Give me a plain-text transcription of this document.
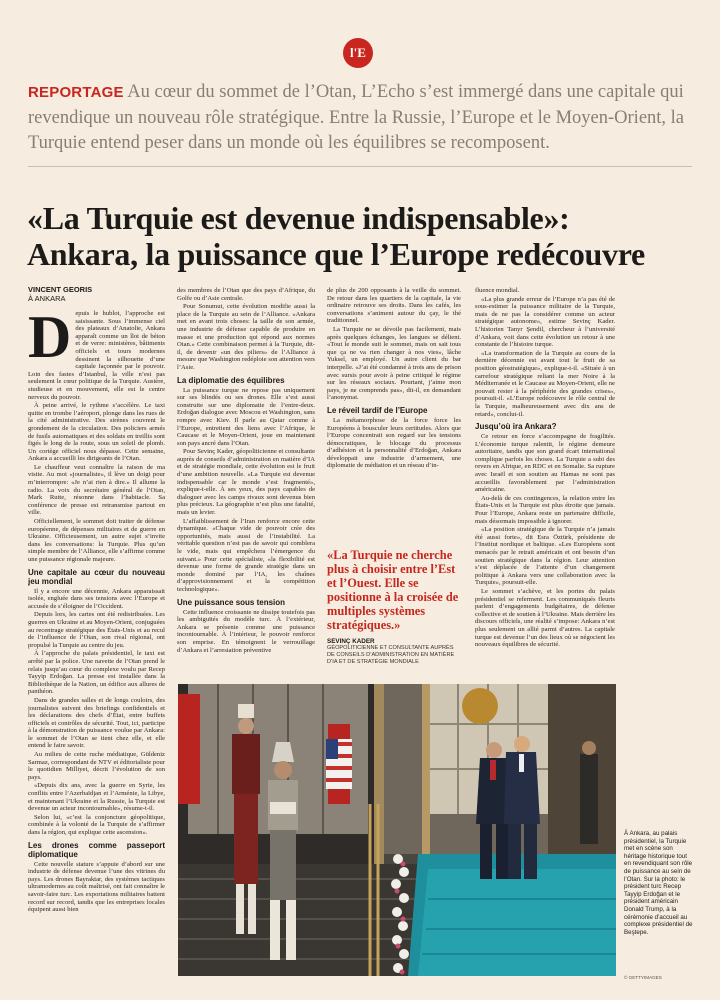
l'E
REPORTAGE Au cœur du sommet de l’Otan, L’Echo s’est immergé dans une capitale qui revendique un nouveau rôle stratégique. Entre la Russie, l’Europe et le Moyen-Orient, la Turquie entend peser dans un monde où les équilibres se recomposent.
«La Turquie est devenue indispensable»:
Ankara, la puissance que l’Europe redécouvre
VINCENT GEORIS
À ANKARA
D epuis le hublot, l’approche est saisissante. Sous l’immense ciel des plateaux d’Anatolie, Ankara apparaît comme un îlot de béton et de verre: ministères, bâtiments officiels et tours modernes dessinent la silhouette d’une capitale façonnée par le pouvoir. Loin des fastes d’Istanbul, la ville n’est pas seulement le cœur politique de la Turquie. Austère, studieuse et en mouvement, elle est le centre nerveux du pouvoir.

À peine arrivé, le rythme s’accélère. Le taxi quitte en trombe l’aéroport, plonge dans les rues de la cité administrative. Des sirènes couvrent le grondement de la circulation. Des policiers armés de fusils automatiques et des soldats en treillis sont figés le long de la route, sous un soleil de plomb. Un cortège officiel nous dépasse. Cette semaine, Ankara a accueilli les dirigeants de l’Otan.

Le chauffeur veut connaître la raison de ma visite. Au mot «journaliste», il lève un doigt pour m’interrompre: «Je n’ai rien à dire.» Il allume la radio. La voix du secrétaire général de l’Otan, Mark Rutte, résonne dans l’habitacle. Sa conférence de presse est retransmise partout en ville.

Officiellement, le sommet doit traiter de défense européenne, de dépenses militaires et de guerre en Ukraine. Officieusement, un autre sujet s’invite dans les conversations: la Turquie. Plus qu’un simple membre de l’Alliance, elle s’affirme comme une puissance régionale majeure.

Une capitale au cœur du nouveau jeu mondial

Il y a encore une décennie, Ankara apparaissait isolée, engluée dans ses tensions avec l’Europe et accusée de s’éloigner de l’Occident.

Depuis lors, les cartes ont été redistribuées. Les guerres en Ukraine et au Moyen-Orient, conjuguées au recentrage stratégique des États-Unis et au recul de l’influence de l’Otan, son rival régional, ont propulsé la Turquie au centre du jeu.

À l’approche du palais présidentiel, le taxi est arrêté par la police. Une navette de l’Otan prend le relais jusqu’au cœur du complexe voulu par Recep Tayyip Erdoğan. La presse est installée dans la Bibliothèque de la Nation, un édifice aux allures de panthéon.

Dans de grandes salles et de longs couloirs, des journalistes suivent des briefings confidentiels et les déclarations des chefs d’État, entre buffets officiels et contrôles de sécurité. Tout, ici, participe à la démonstration de puissance voulue par Ankara: le sommet de l’Otan se tient chez elle, et elle entend le faire savoir.

Au milieu de cette ruche médiatique, Güldeniz Sarmaz, correspondant de NTV et éditorialiste pour le quotidien Milliyet, décrit l’évolution de son pays.

«Depuis dix ans, avec la guerre en Syrie, les conflits entre l’Azerbaïdjan et l’Arménie, la Libye, et maintenant l’Ukraine et la Russie, la Turquie est devenue un acteur incontournable», résume-t-il.

Selon lui, «c’est la conjoncture géopolitique, combinée à la volonté de la Turquie de s’affirmer dans la région, qui explique cette ascension».

Les drones comme passeport diplomatique

Cette nouvelle stature s’appuie d’abord sur une industrie de défense devenue l’une des vitrines du pays. Les drones Bayraktar, des systèmes tactiques ultramodernes au coût maîtrisé, ont fait connaître le savoir-faire turc. Les exportations militaires battent record sur record, tandis que les entreprises locales équipent aussi bien

des membres de l’Otan que des pays d’Afrique, du Golfe ou d’Asie centrale.

Pour Sonumut, cette évolution modifie aussi la place de la Turquie au sein de l’Alliance. «Ankara met en avant trois choses: la taille de son armée, une industrie de défense capable de produire en masse et une production qui répond aux normes Otan.» Cette combinaison permet à la Turquie, dit-il, de devenir «un des piliers» de l’Alliance à mesure que Washington redéploie son attention vers l’Asie.

La diplomatie des équilibres

La puissance turque ne repose pas uniquement sur ses blindés ou ses drones. Elle s’est aussi construite sur une diplomatie de l’entre-deux. Erdoğan dialogue avec Moscou et Washington, sans rompre avec Kiev. Il parle au Qatar comme à l’Europe, entretient des liens avec l’Afrique, le Caucase et le Moyen-Orient, joue en maintenant son pays ancré dans l’Otan.

Pour Sevinç Kader, géopoliticienne et consultante auprès de conseils d’administration en matière d’IA et de stratégie mondiale, cette évolution est le fruit d’une ambition nouvelle. «La Turquie est devenue indispensable car le monde s’est fragmenté», explique-t-elle. À ses yeux, des pays capables de dialoguer avec les camps rivaux sont devenus bien plus précieux. La géographie n’est plus une fatalité, mais un levier.

L’affaiblissement de l’Iran renforce encore cette dynamique. «Chaque vide de pouvoir crée des opportunités, mais aussi de l’instabilité. La véritable question n’est pas de savoir qui comblera le vide, mais qui empêchera l’émergence du suivant.» Pour cette spécialiste, «la flexibilité est devenue une forme de grande stratégie dans un monde dominé par l’IA, les chaînes d’approvisionnement et la compétition technologique».

Une puissance sous tension

Cette influence croissante ne dissipe toutefois pas les ambiguïtés du modèle turc. À l’extérieur, Ankara se présente comme une puissance incontournable. À l’intérieur, le pouvoir renforce son emprise. En témoignent le verrouillage d’Ankara et l’arrestation préventive

de plus de 200 opposants à la veille du sommet. De retour dans les quartiers de la capitale, la vie ordinaire retrouve ses droits. Dans les cafés, les conversations s’animent autour du çay, le thé traditionnel.

La Turquie ne se dévoile pas facilement, mais après quelques échanges, les langues se délient. «Tout le monde suit le sommet, mais on sait tous que ça ne va rien changer à nos vies», lâche Yuksel, un employé. Un autre client du bar interpelle. «J’ai été condamné à trois ans de prison avec sursis pour avoir à peine critiqué le régime sur les réseaux sociaux. Pourtant, j’aime mon pays, je ne comprends pas», dit-il, en demandant l’anonymat.

Le réveil tardif de l’Europe

La métamorphose de la force force les Européens à bousculer leurs certitudes. Alors que l’Europe concentrait son regard sur les tensions démocratiques, le blocage du processus d’adhésion et la personnalité d’Erdoğan, Ankara développait une industrie d’armement, une diplomatie de médiation et un réseau d’in-

«La Turquie ne cherche plus à choisir entre l’Est et l’Ouest. Elle se positionne à la croisée de multiples systèmes stratégiques.»
SEVINÇ KADER
GÉOPOLITICIENNE ET CONSULTANTE AUPRÈS DE CONSEILS D’ADMINISTRATION EN MATIÈRE D’IA ET DE STRATÉGIE MONDIALE

fluence mondial.

«La plus grande erreur de l’Europe n’a pas été de sous-estimer la puissance militaire de la Turquie, mais de ne pas la considérer comme un acteur stratégique autonome», estime Sevinç Kader. L’historien Tanyr Şendil, chercheur à l’université d’Ankara, voit dans cette évolution un retour à une constante de l’histoire turque.

«La transformation de la Turquie au cours de la dernière décennie est avant tout le fruit de sa position géostratégique», explique-t-il. «Située à un carrefour stratégique reliant la mer Noire à la Méditerranée et le Caucase au Moyen-Orient, elle ne pouvait rester à la périphérie des grandes crises», poursuit-il. «L’Europe redécouvre le rôle central de la Turquie, malheureusement avec dix ans de retard», conclut-il.

Jusqu’où ira Ankara?

Ce retour en force s’accompagne de fragilités. L’économie turque ralentit, le régime demeure autoritaire, tandis que son grand écart international complique parfois les choses. La Turquie a subi des revers en Afrique, en RDC et en Somalie. Sa rupture avec Israël et son soutien au Hamas ne sont pas accueillis favorablement par l’administration américaine.

Au-delà de ces contingences, la relation entre les États-Unis et la Turquie est plus étroite que jamais. Pour l’Europe, Ankara reste un partenaire difficile, mais désormais impossible à ignorer.

«La position stratégique de la Turquie n’a jamais été aussi forte», dit Esra Öztürk, présidente de l’Institut nordique et baltique. «Les Européens sont menacés par le retrait américain et ont besoin d’un soutien stratégique dans la région. Leur attention s’est déplacée de l’attente d’un changement politique à Ankara vers une collaboration avec la Turquie», poursuit-elle.

Le sommet s’achève, et les portes du palais présidentiel se referment. Les communiqués fleuris parlent d’engagements budgétaires, de défense collective et de soutien à l’Ukraine. Mais derrière les discours officiels, une réalité s’impose: Ankara n’est plus seulement un allié parmi d’autres. La capitale turque est devenue l’un des lieux où se négocient les nouveaux équilibres de sécurité.

À Ankara, au palais présidentiel, la Turquie met en scène son héritage historique tout en revendiquant son rôle de puissance au sein de l’Otan. Sur la photo: le président turc Recep Tayyip Erdoğan et le président américain Donald Trump, à la cérémonie d’accueil au complexe présidentiel de Beştepe.
© GETTYIMAGES
